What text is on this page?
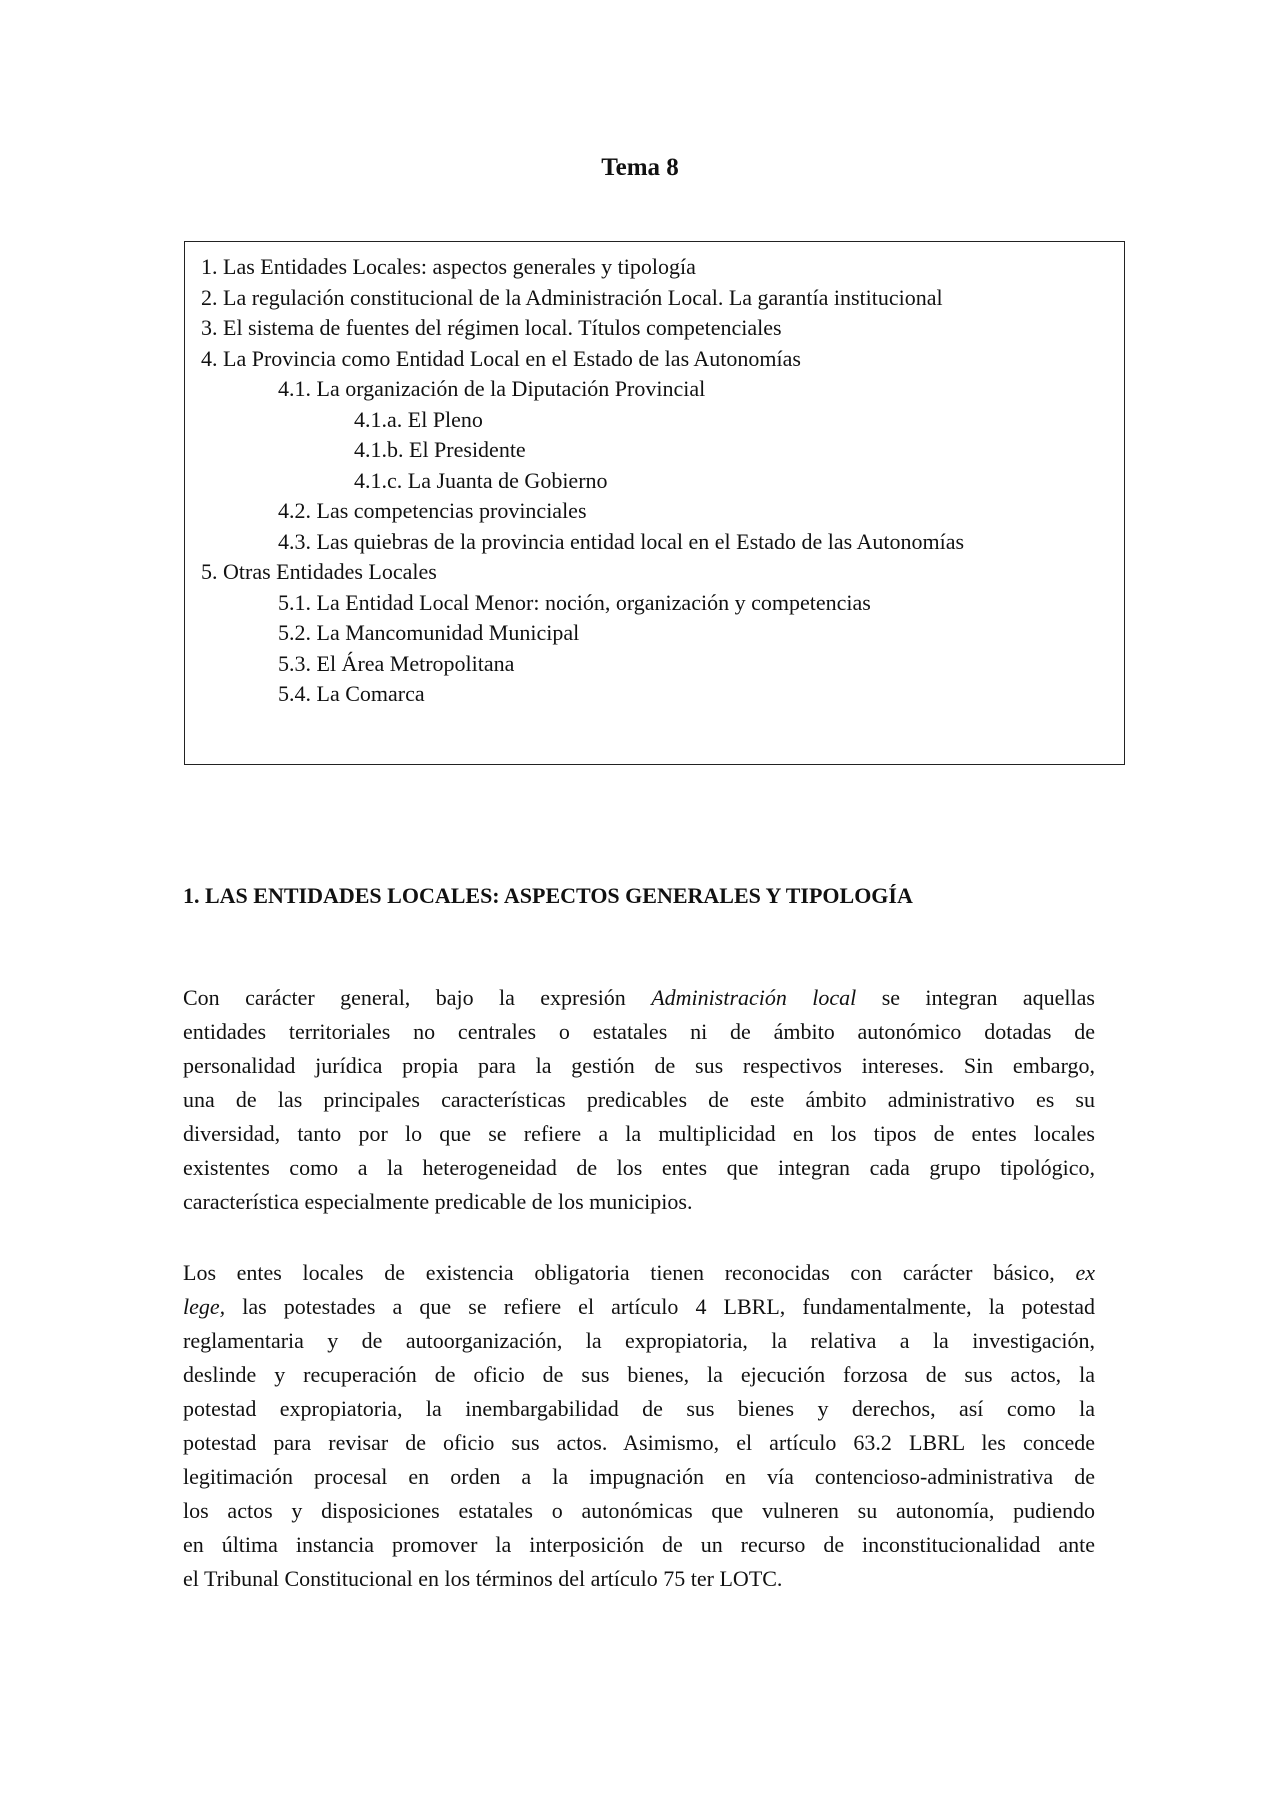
Tema 8
1. Las Entidades Locales: aspectos generales y tipología
2. La regulación constitucional de la Administración Local. La garantía institucional
3. El sistema de fuentes del régimen local. Títulos competenciales
4. La Provincia como Entidad Local en el Estado de las Autonomías
4.1. La organización de la Diputación Provincial
4.1.a. El Pleno
4.1.b. El Presidente
4.1.c. La Juanta de Gobierno
4.2. Las competencias provinciales
4.3. Las quiebras de la provincia entidad local en el Estado de las Autonomías
5. Otras Entidades Locales
5.1. La Entidad Local Menor: noción, organización y competencias
5.2. La Mancomunidad Municipal
5.3. El Área Metropolitana
5.4. La Comarca
1. LAS ENTIDADES LOCALES: ASPECTOS GENERALES Y TIPOLOGÍA
Con carácter general, bajo la expresión Administración local se integran aquellas
entidades territoriales no centrales o estatales ni de ámbito autonómico dotadas de
personalidad jurídica propia para la gestión de sus respectivos intereses. Sin embargo,
una de las principales características predicables de este ámbito administrativo es su
diversidad, tanto por lo que se refiere a la multiplicidad en los tipos de entes locales
existentes como a la heterogeneidad de los entes que integran cada grupo tipológico,
característica especialmente predicable de los municipios.
Los entes locales de existencia obligatoria tienen reconocidas con carácter básico, ex
lege, las potestades a que se refiere el artículo 4 LBRL, fundamentalmente, la potestad
reglamentaria y de autoorganización, la expropiatoria, la relativa a la investigación,
deslinde y recuperación de oficio de sus bienes, la ejecución forzosa de sus actos, la
potestad expropiatoria, la inembargabilidad de sus bienes y derechos, así como la
potestad para revisar de oficio sus actos. Asimismo, el artículo 63.2 LBRL les concede
legitimación procesal en orden a la impugnación en vía contencioso-administrativa de
los actos y disposiciones estatales o autonómicas que vulneren su autonomía, pudiendo
en última instancia promover la interposición de un recurso de inconstitucionalidad ante
el Tribunal Constitucional en los términos del artículo 75 ter LOTC.
